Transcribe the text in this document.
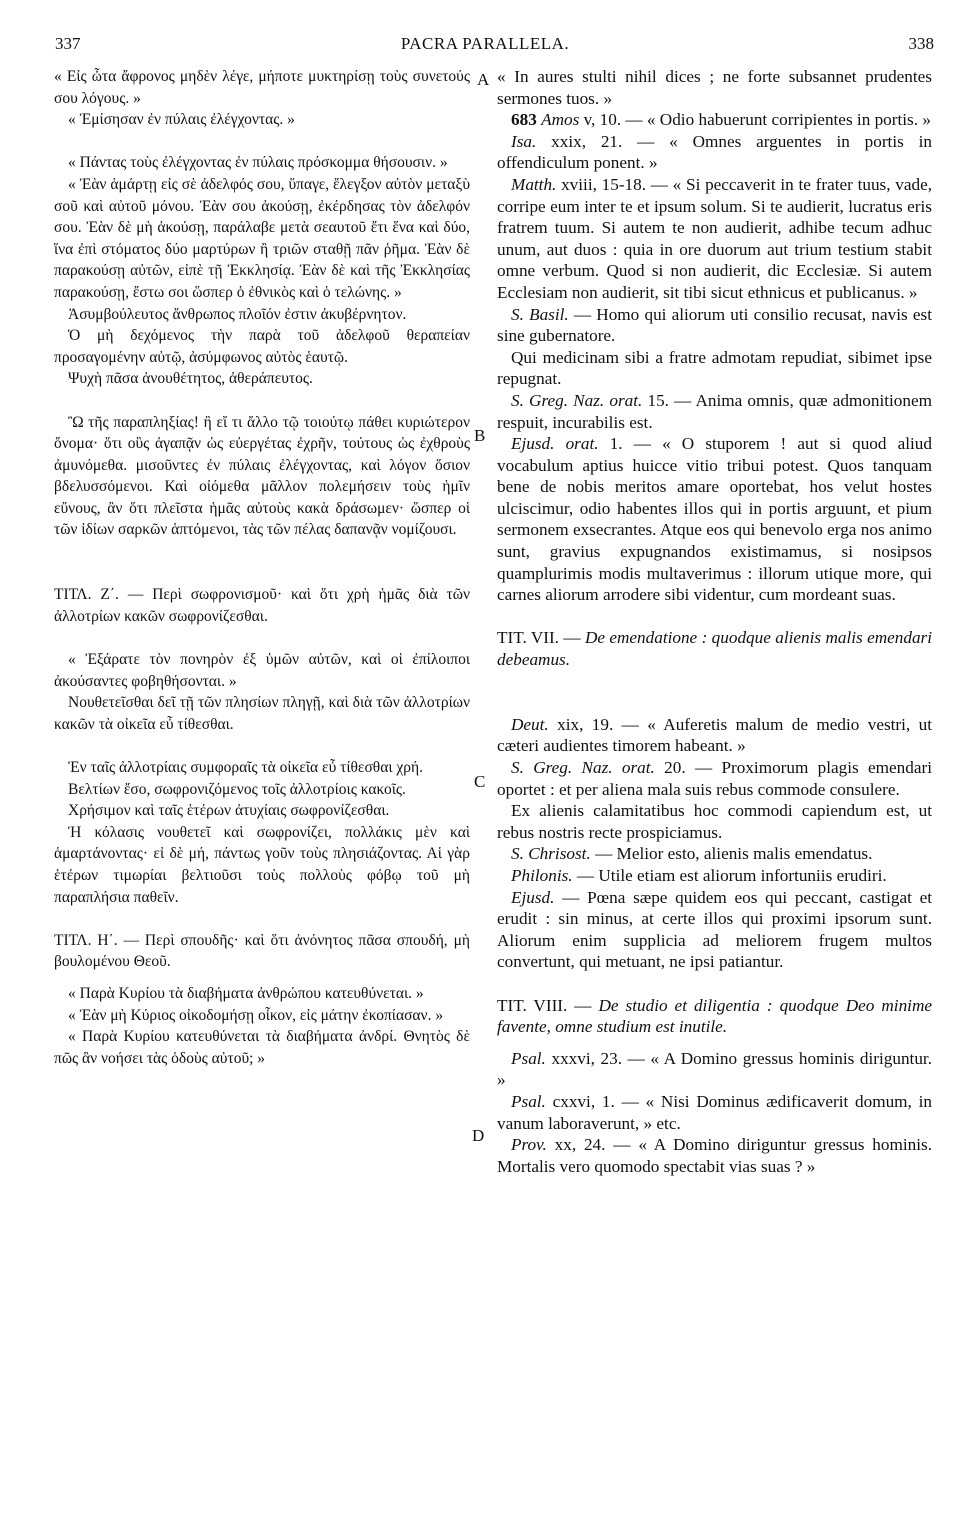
337	PACRA PARALLELA.	338
A
B
C
D

« Εἰς ὦτα ἄφρονος μηδὲν λέγε, μήποτε μυκτηρίσῃ τοὺς συνετούς σου λόγους. »

« Ἐμίσησαν ἐν πύλαις ἐλέγχοντας. »

« Πάντας τοὺς ἐλέγχοντας ἐν πύλαις πρόσκομμα θήσουσιν. »

« Ἐὰν ἁμάρτῃ εἰς σὲ ἀδελφός σου, ὕπαγε, ἔλεγξον αὐτὸν μεταξὺ σοῦ καὶ αὐτοῦ μόνου. Ἐὰν σου ἀκούσῃ, ἐκέρδησας τὸν ἀδελφόν σου. Ἐὰν δὲ μὴ ἀκούσῃ, παράλαβε μετὰ σεαυτοῦ ἔτι ἕνα καὶ δύο, ἵνα ἐπὶ στόματος δύο μαρτύρων ἢ τριῶν σταθῇ πᾶν ῥῆμα. Ἐὰν δὲ παρακούσῃ αὐτῶν, εἰπὲ τῇ Ἐκκλησίᾳ. Ἐὰν δὲ καὶ τῆς Ἐκκλησίας παρακούσῃ, ἔστω σοι ὥσπερ ὁ ἐθνικὸς καὶ ὁ τελώνης. »

Ἀσυμβούλευτος ἄνθρωπος πλοῖόν ἐστιν ἀκυβέρνητον.

Ὁ μὴ δεχόμενος τὴν παρὰ τοῦ ἀδελφοῦ θεραπείαν προσαγομένην αὐτῷ, ἀσύμφωνος αὐτὸς ἑαυτῷ.

Ψυχὴ πᾶσα ἀνουθέτητος, ἀθεράπευτος.

Ὢ τῆς παραπληξίας! ἢ εἴ τι ἄλλο τῷ τοιούτῳ πάθει κυριώτερον ὄνομα· ὅτι οὓς ἀγαπᾷν ὡς εὐεργέτας ἐχρῆν, τούτους ὡς ἐχθροὺς ἀμυνόμεθα. μισοῦντες ἐν πύλαις ἐλέγχοντας, καὶ λόγον ὅσιον βδελυσσόμενοι. Καὶ οἰόμεθα μᾶλλον πολεμήσειν τοὺς ἡμῖν εὔνους, ἂν ὅτι πλεῖστα ἡμᾶς αὐτοὺς κακὰ δράσωμεν· ὥσπερ οἱ τῶν ἰδίων σαρκῶν ἁπτόμενοι, τὰς τῶν πέλας δαπανᾷν νομίζουσι.

ΤΙΤΛ. Ζ΄. — Περὶ σωφρονισμοῦ· καὶ ὅτι χρὴ ἡμᾶς διὰ τῶν ἀλλοτρίων κακῶν σωφρονίζεσθαι.

« Ἐξάρατε τὸν πονηρὸν ἐξ ὑμῶν αὐτῶν, καὶ οἱ ἐπίλοιποι ἀκούσαντες φοβηθήσονται. »

Νουθετεῖσθαι δεῖ τῇ τῶν πλησίων πληγῇ, καὶ διὰ τῶν ἀλλοτρίων κακῶν τὰ οἰκεῖα εὖ τίθεσθαι.

Ἐν ταῖς ἀλλοτρίαις συμφοραῖς τὰ οἰκεῖα εὖ τίθεσθαι χρή.

Βελτίων ἔσο, σωφρονιζόμενος τοῖς ἀλλοτρίοις κακοῖς.

Χρήσιμον καὶ ταῖς ἑτέρων ἀτυχίαις σωφρονίζεσθαι.

Ἡ κόλασις νουθετεῖ καὶ σωφρονίζει, πολλάκις μὲν καὶ ἁμαρτάνοντας· εἰ δὲ μή, πάντως γοῦν τοὺς πλησιάζοντας. Αἱ γὰρ ἑτέρων τιμωρίαι βελτιοῦσι τοὺς πολλοὺς φόβῳ τοῦ μὴ παραπλήσια παθεῖν.

ΤΙΤΛ. Η΄. — Περὶ σπουδῆς· καὶ ὅτι ἀνόνητος πᾶσα σπουδή, μὴ βουλομένου Θεοῦ.

« Παρὰ Κυρίου τὰ διαβήματα ἀνθρώπου κατευθύνεται. »

« Ἐὰν μὴ Κύριος οἰκοδομήσῃ οἶκον, εἰς μάτην ἐκοπίασαν. »

« Παρὰ Κυρίου κατευθύνεται τὰ διαβήματα ἀνδρί. Θνητὸς δὲ πῶς ἂν νοήσει τὰς ὁδοὺς αὐτοῦ; »

« In aures stulti nihil dices ; ne forte subsannet prudentes sermones tuos. »

683 Amos v, 10. — « Odio habuerunt corripientes in portis. »

Isa. xxix, 21. — « Omnes arguentes in portis in offendiculum ponent. »

Matth. xviii, 15-18. — « Si peccaverit in te frater tuus, vade, corripe eum inter te et ipsum solum. Si te audierit, lucratus eris fratrem tuum. Si autem te non audierit, adhibe tecum adhuc unum, aut duos : quia in ore duorum aut trium testium stabit omne verbum. Quod si non audierit, dic Ecclesiæ. Si autem Ecclesiam non audierit, sit tibi sicut ethnicus et publicanus. »

S. Basil. — Homo qui aliorum uti consilio recusat, navis est sine gubernatore.

Qui medicinam sibi a fratre admotam repudiat, sibimet ipse repugnat.

S. Greg. Naz. orat. 15. — Anima omnis, quæ admonitionem respuit, incurabilis est.

Ejusd. orat. 1. — « O stuporem ! aut si quod aliud vocabulum aptius huicce vitio tribui potest. Quos tanquam bene de nobis meritos amare oportebat, hos velut hostes ulciscimur, odio habentes illos qui in portis arguunt, et pium sermonem exsecrantes. Atque eos qui benevolo erga nos animo sunt, gravius expugnandos existimamus, si nosipsos quamplurimis modis multaverimus : illorum utique more, qui carnes aliorum arrodere sibi videntur, cum mordeant suas.

TIT. VII. — De emendatione : quodque alienis malis emendari debeamus.

Deut. xix, 19. — « Auferetis malum de medio vestri, ut cæteri audientes timorem habeant. »

S. Greg. Naz. orat. 20. — Proximorum plagis emendari oportet : et per aliena mala suis rebus commode consulere.

Ex alienis calamitatibus hoc commodi capiendum est, ut rebus nostris recte prospiciamus.

S. Chrisost. — Melior esto, alienis malis emendatus.

Philonis. — Utile etiam est aliorum infortuniis erudiri.

Ejusd. — Pœna sæpe quidem eos qui peccant, castigat et erudit : sin minus, at certe illos qui proximi ipsorum sunt. Aliorum enim supplicia ad meliorem frugem multos convertunt, qui metuant, ne ipsi patiantur.

TIT. VIII. — De studio et diligentia : quodque Deo minime favente, omne studium est inutile.

Psal. xxxvi, 23. — « A Domino gressus hominis diriguntur. »

Psal. cxxvi, 1. — « Nisi Dominus ædificaverit domum, in vanum laboraverunt, » etc.

Prov. xx, 24. — « A Domino diriguntur gressus hominis. Mortalis vero quomodo spectabit vias suas ? »
